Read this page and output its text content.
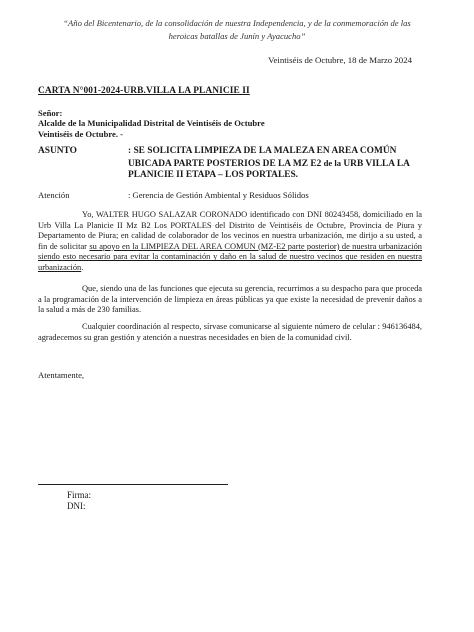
“Año del Bicentenario, de la consolidación de nuestra Independencia, y de la conmemoración de las
heroicas batallas de Junín y Ayacucho”
Veintiséis de Octubre, 18 de Marzo 2024
CARTA N°001-2024-URB.VILLA LA PLANICIE II
Señor:
Alcalde de la Municipalidad Distrital de Veintiséis de Octubre
Veintiséis de Octubre. -
ASUNTO	: SE SOLICITA LIMPIEZA DE LA MALEZA EN AREA COMÚN UBICADA PARTE POSTERIOS DE LA MZ E2 de la URB VILLA LA PLANICIE II ETAPA – LOS PORTALES.
Atención	: Gerencia de Gestión Ambiental y Residuos Sólidos
Yo, WALTER HUGO SALAZAR CORONADO identificado con DNI 80243458, domiciliado en la Urb Villa La Planicie II Mz B2 Los PORTALES del Distrito de Veintiséis de Octubre, Provincia de Piura y Departamento de Piura; en calidad de colaborador de los vecinos en nuestra urbanización, me dirijo a su usted, a fin de solicitar su apoyo en la LIMPIEZA DEL AREA COMUN (MZ-E2 parte posterior) de nuestra urbanización siendo esto necesario para evitar la contaminación y daño en la salud de nuestro vecinos que residen en nuestra urbanización.
Que, siendo una de las funciones que ejecuta su gerencia, recurrimos a su despacho para que proceda a la programación de la intervención de limpieza en áreas públicas ya que existe la necesidad de prevenir daños a la salud a más de 230 familias.
Cualquier coordinación al respecto, sírvase comunicarse al siguiente número de celular : 946136484, agradecemos su gran gestión y atención a nuestras necesidades en bien de la comunidad civil.
Atentamente,
Firma:
DNI:
